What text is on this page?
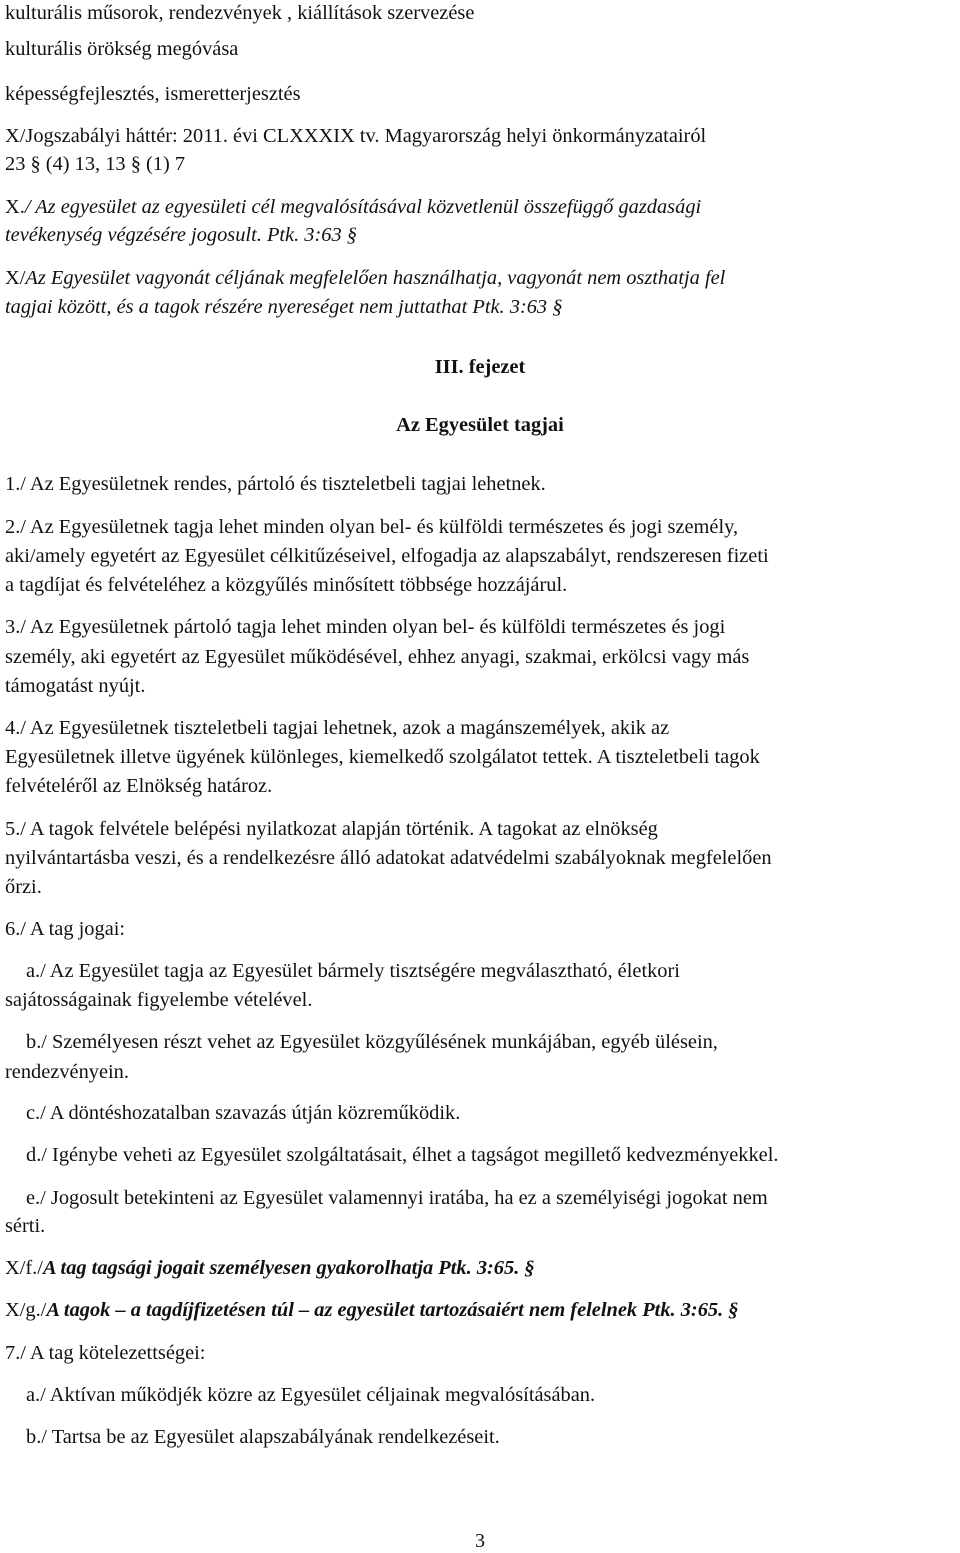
kulturális műsorok, rendezvények , kiállítások szervezése
kulturális örökség megóvása
képességfejlesztés, ismeretterjesztés
X/Jogszabályi háttér: 2011. évi CLXXXIX tv. Magyarország helyi önkormányzatairól
23 § (4) 13, 13 § (1) 7
X./ Az egyesület az egyesületi cél megvalósításával közvetlenül összefüggő gazdasági
tevékenység végzésére jogosult. Ptk. 3:63 §
X/Az Egyesület vagyonát céljának megfelelően használhatja, vagyonát nem oszthatja fel
tagjai között, és a tagok részére nyereséget nem juttathat Ptk. 3:63 §
III. fejezet
Az Egyesület tagjai
1./ Az Egyesületnek rendes, pártoló és tiszteletbeli tagjai lehetnek.
2./ Az Egyesületnek tagja lehet minden olyan bel- és külföldi természetes és jogi személy,
aki/amely egyetért az Egyesület célkitűzéseivel, elfogadja az alapszabályt, rendszeresen fizeti
a tagdíjat és felvételéhez a közgyűlés minősített többsége hozzájárul.
3./ Az Egyesületnek pártoló tagja lehet minden olyan bel- és külföldi természetes és jogi
személy, aki egyetért az Egyesület működésével, ehhez anyagi, szakmai, erkölcsi vagy más
támogatást nyújt.
4./ Az Egyesületnek tiszteletbeli tagjai lehetnek, azok a magánszemélyek, akik az
Egyesületnek illetve ügyének különleges, kiemelkedő szolgálatot tettek. A tiszteletbeli tagok
felvételéről az Elnökség határoz.
5./ A tagok felvétele belépési nyilatkozat alapján történik. A tagokat az elnökség
nyilvántartásba veszi, és a rendelkezésre álló adatokat adatvédelmi szabályoknak megfelelően
őrzi.
6./ A tag jogai:
a./ Az Egyesület tagja az Egyesület bármely tisztségére megválasztható, életkori
sajátosságainak figyelembe vételével.
b./ Személyesen részt vehet az Egyesület közgyűlésének munkájában, egyéb ülésein,
rendezvényein.
c./ A döntéshozatalban szavazás útján közreműködik.
d./ Igénybe veheti az Egyesület szolgáltatásait, élhet a tagságot megillető kedvezményekkel.
e./ Jogosult betekinteni az Egyesület valamennyi iratába, ha ez a személyiségi jogokat nem
sérti.
X/f./A tag tagsági jogait személyesen gyakorolhatja Ptk. 3:65. §
X/g./A tagok – a tagdíjfizetésen túl – az egyesület tartozásaiért nem felelnek Ptk. 3:65. §
7./ A tag kötelezettségei:
a./ Aktívan működjék közre az Egyesület céljainak megvalósításában.
b./ Tartsa be az Egyesület alapszabályának rendelkezéseit.
3
